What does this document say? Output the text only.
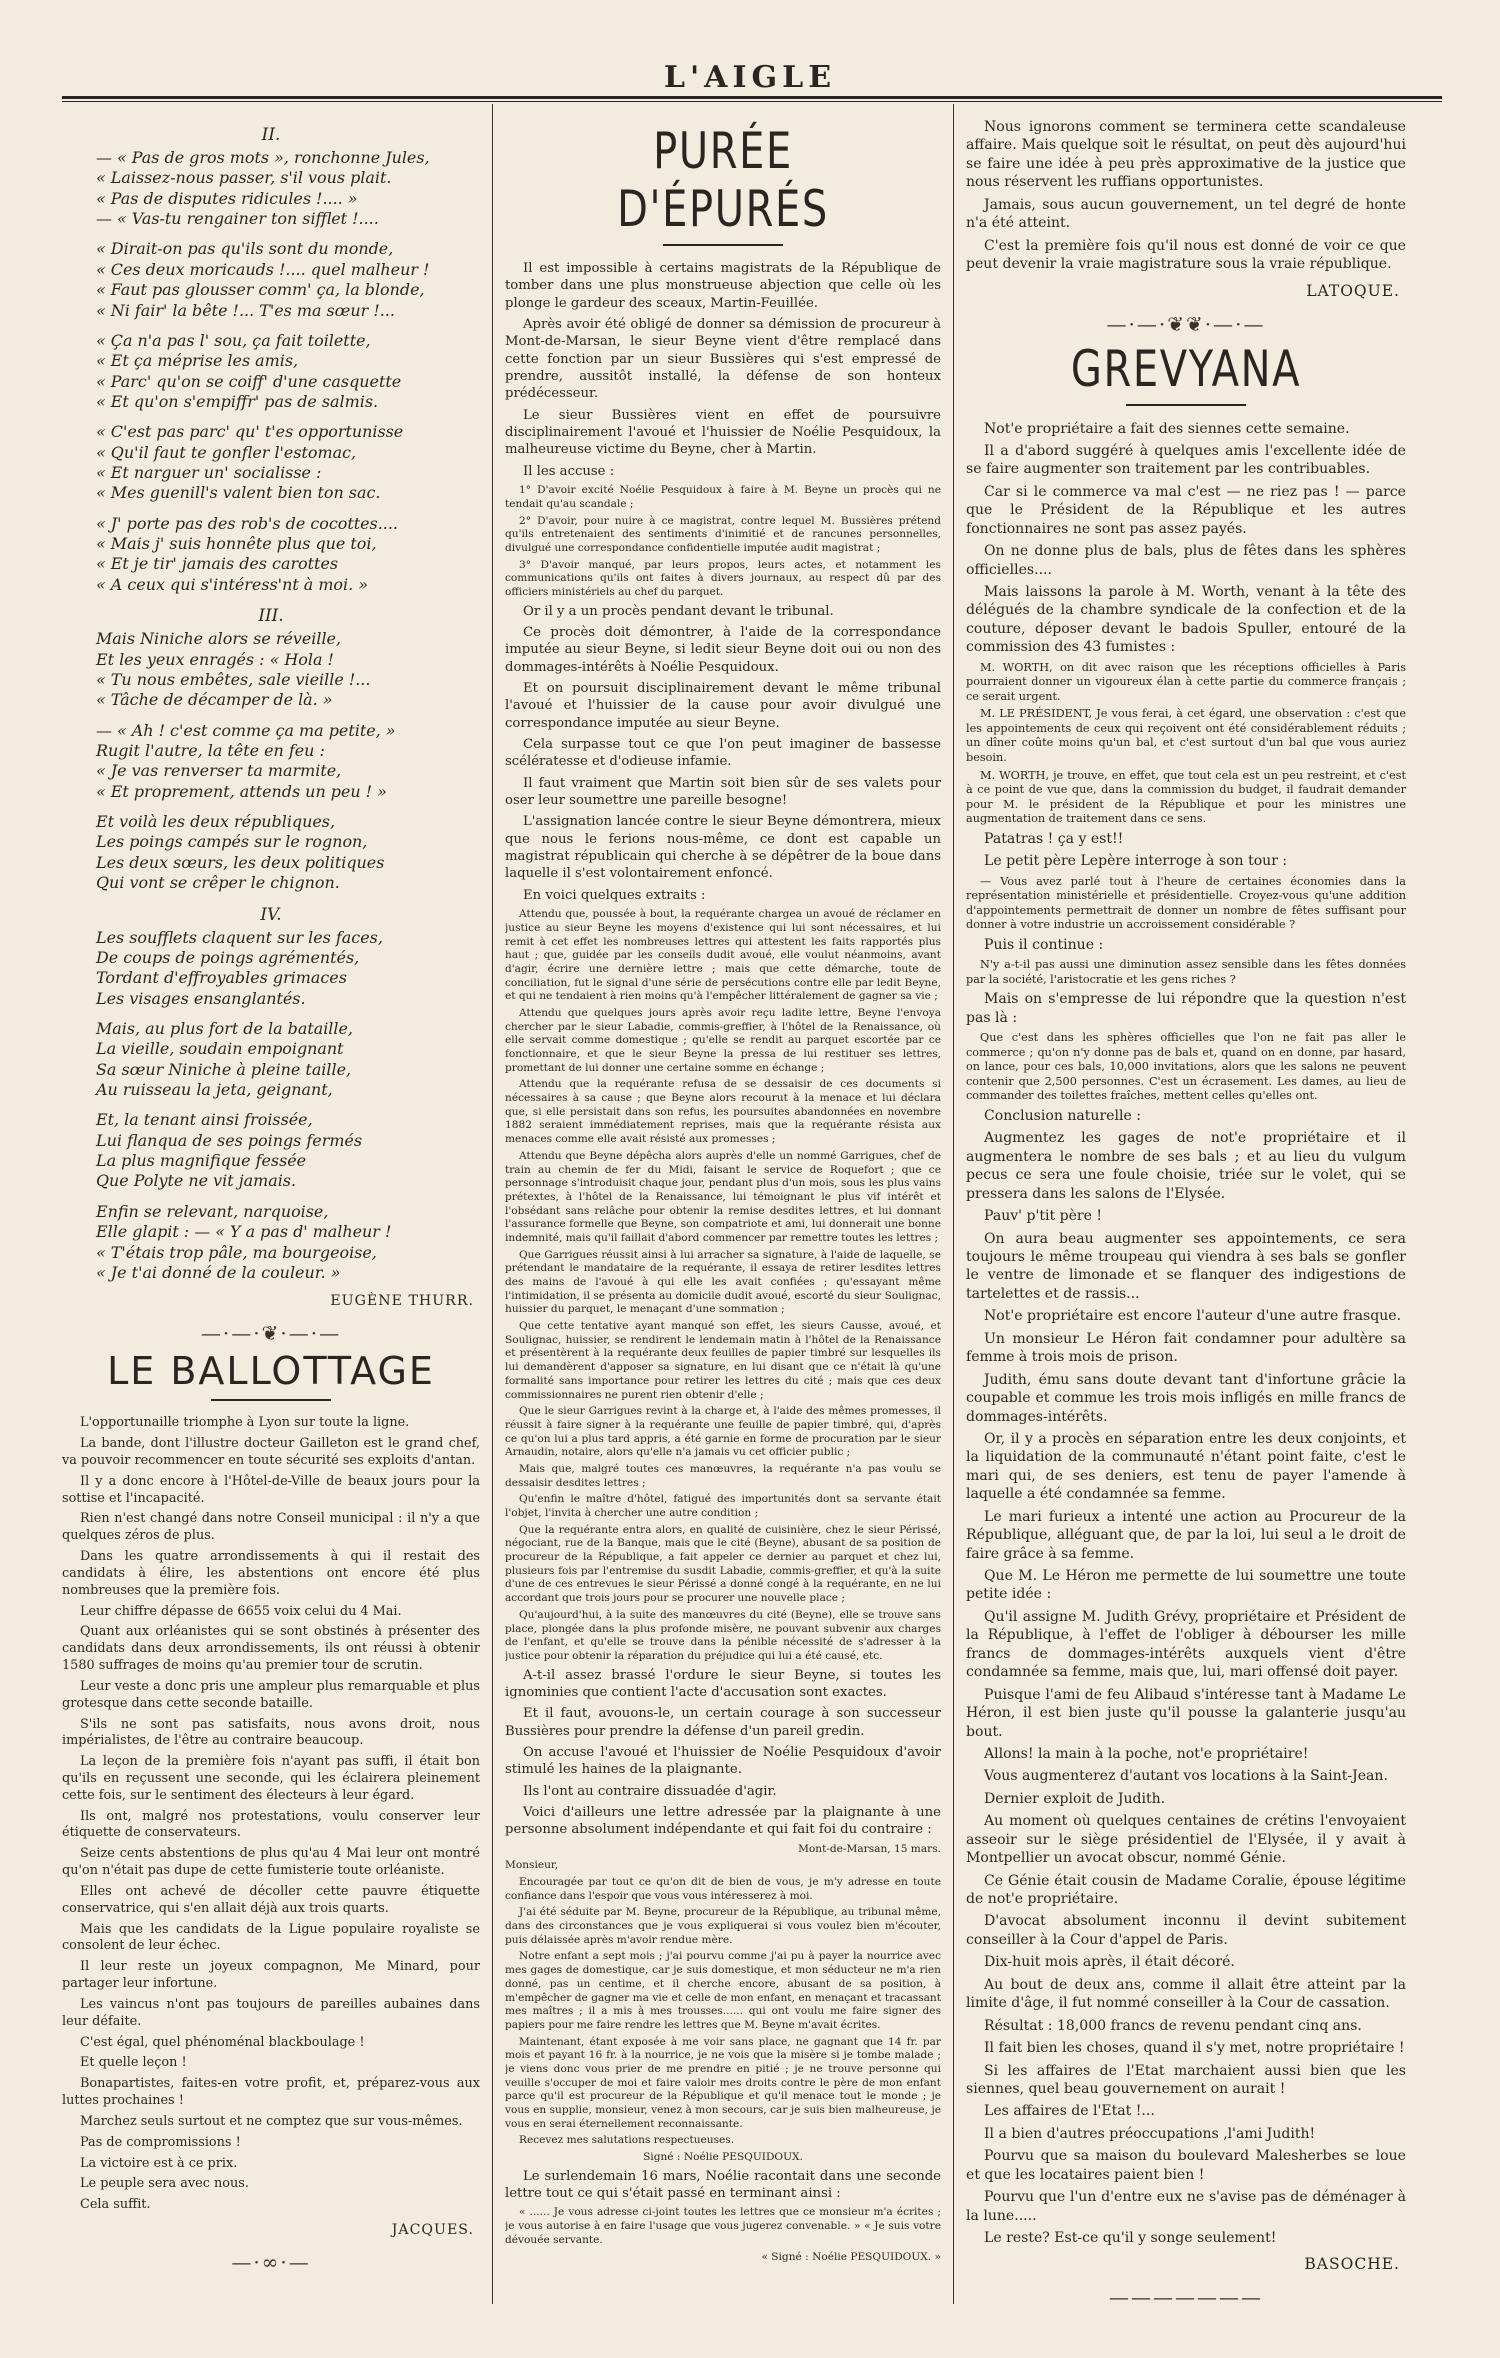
L'AIGLE
II.
— « Pas de gros mots », ronchonne Jules,
« Laissez-nous passer, s'il vous plait.
« Pas de disputes ridicules !.... »
— « Vas-tu rengainer ton sifflet !....
« Dirait-on pas qu'ils sont du monde,
« Ces deux moricauds !.... quel malheur !
« Faut pas glousser comm' ça, la blonde,
« Ni fair' la bête !... T'es ma sœur !...
« Ça n'a pas l' sou, ça fait toilette,
« Et ça méprise les amis,
« Parc' qu'on se coiff' d'une casquette
« Et qu'on s'empiffr' pas de salmis.
« C'est pas parc' qu' t'es opportunisse
« Qu'il faut te gonfler l'estomac,
« Et narguer un' socialisse :
« Mes guenill's valent bien ton sac.
« J' porte pas des rob's de cocottes....
« Mais j' suis honnête plus que toi,
« Et je tir' jamais des carottes
« A ceux qui s'intéress'nt à moi. »
III.
Mais Niniche alors se réveille,
Et les yeux enragés : « Hola !
« Tu nous embêtes, sale vieille !...
« Tâche de décamper de là. »
— « Ah ! c'est comme ça ma petite, »
Rugit l'autre, la tête en feu :
« Je vas renverser ta marmite,
« Et proprement, attends un peu ! »
Et voilà les deux républiques,
Les poings campés sur le rognon,
Les deux sœurs, les deux politiques
Qui vont se crêper le chignon.
IV.
Les soufflets claquent sur les faces,
De coups de poings agrémentés,
Tordant d'effroyables grimaces
Les visages ensanglantés.
Mais, au plus fort de la bataille,
La vieille, soudain empoignant
Sa sœur Niniche à pleine taille,
Au ruisseau la jeta, geignant,
Et, la tenant ainsi froissée,
Lui flanqua de ses poings fermés
La plus magnifique fessée
Que Polyte ne vit jamais.
Enfin se relevant, narquoise,
Elle glapit : — « Y a pas d' malheur !
« T'étais trop pâle, ma bourgeoise,
« Je t'ai donné de la couleur. »
EUGÈNE THURR.
—·—·❦·—·—
LE BALLOTTAGE
L'opportunaille triomphe à Lyon sur toute la ligne.
La bande, dont l'illustre docteur Gailleton est le grand chef, va pouvoir recommencer en toute sécurité ses exploits d'antan.
Il y a donc encore à l'Hôtel-de-Ville de beaux jours pour la sottise et l'incapacité.
Rien n'est changé dans notre Conseil municipal : il n'y a que quelques zéros de plus.
Dans les quatre arrondissements à qui il restait des candidats à élire, les abstentions ont encore été plus nombreuses que la première fois.
Leur chiffre dépasse de 6655 voix celui du 4 Mai.
Quant aux orléanistes qui se sont obstinés à présenter des candidats dans deux arrondissements, ils ont réussi à obtenir 1580 suffrages de moins qu'au premier tour de scrutin.
Leur veste a donc pris une ampleur plus remarquable et plus grotesque dans cette seconde bataille.
S'ils ne sont pas satisfaits, nous avons droit, nous impérialistes, de l'être au contraire beaucoup.
La leçon de la première fois n'ayant pas suffi, il était bon qu'ils en reçussent une seconde, qui les éclairera pleinement cette fois, sur le sentiment des électeurs à leur égard.
Ils ont, malgré nos protestations, voulu conserver leur étiquette de conservateurs.
Seize cents abstentions de plus qu'au 4 Mai leur ont montré qu'on n'était pas dupe de cette fumisterie toute orléaniste.
Elles ont achevé de décoller cette pauvre étiquette conservatrice, qui s'en allait déjà aux trois quarts.
Mais que les candidats de la Ligue populaire royaliste se consolent de leur échec.
Il leur reste un joyeux compagnon, Me Minard, pour partager leur infortune.
Les vaincus n'ont pas toujours de pareilles aubaines dans leur défaite.
C'est égal, quel phénoménal blackboulage !
Et quelle leçon !
Bonapartistes, faites-en votre profit, et, préparez-vous aux luttes prochaines !
Marchez seuls surtout et ne comptez que sur vous-mêmes.
Pas de compromissions !
La victoire est à ce prix.
Le peuple sera avec nous.
Cela suffit.
JACQUES.
—·∞·—
PURÉE D'ÉPURÉS
Il est impossible à certains magistrats de la République de tomber dans une plus monstrueuse abjection que celle où les plonge le gardeur des sceaux, Martin-Feuillée.
Après avoir été obligé de donner sa démission de procureur à Mont-de-Marsan, le sieur Beyne vient d'être remplacé dans cette fonction par un sieur Bussières qui s'est empressé de prendre, aussitôt installé, la défense de son honteux prédécesseur.
Le sieur Bussières vient en effet de poursuivre disciplinairement l'avoué et l'huissier de Noélie Pesquidoux, la malheureuse victime du Beyne, cher à Martin.
Il les accuse :
1° D'avoir excité Noélie Pesquidoux à faire à M. Beyne un procès qui ne tendait qu'au scandale ;
2° D'avoir, pour nuire à ce magistrat, contre lequel M. Bussières prétend qu'ils entretenaient des sentiments d'inimitié et de rancunes personnelles, divulgué une correspondance confidentielle imputée audit magistrat ;
3° D'avoir manqué, par leurs propos, leurs actes, et notamment les communications qu'ils ont faites à divers journaux, au respect dû par des officiers ministériels au chef du parquet.
Or il y a un procès pendant devant le tribunal.
Ce procès doit démontrer, à l'aide de la correspondance imputée au sieur Beyne, si ledit sieur Beyne doit oui ou non des dommages-intérêts à Noélie Pesquidoux.
Et on poursuit disciplinairement devant le même tribunal l'avoué et l'huissier de la cause pour avoir divulgué une correspondance imputée au sieur Beyne.
Cela surpasse tout ce que l'on peut imaginer de bassesse scélératesse et d'odieuse infamie.
Il faut vraiment que Martin soit bien sûr de ses valets pour oser leur soumettre une pareille besogne!
L'assignation lancée contre le sieur Beyne démontrera, mieux que nous le ferions nous-même, ce dont est capable un magistrat républicain qui cherche à se dépêtrer de la boue dans laquelle il s'est volontairement enfoncé.
En voici quelques extraits :
Attendu que, poussée à bout, la requérante chargea un avoué de réclamer en justice au sieur Beyne les moyens d'existence qui lui sont nécessaires, et lui remit à cet effet les nombreuses lettres qui attestent les faits rapportés plus haut ; que, guidée par les conseils dudit avoué, elle voulut néanmoins, avant d'agir, écrire une dernière lettre ; mais que cette démarche, toute de conciliation, fut le signal d'une série de persécutions contre elle par ledit Beyne, et qui ne tendaient à rien moins qu'à l'empêcher littéralement de gagner sa vie ;
Attendu que quelques jours après avoir reçu ladite lettre, Beyne l'envoya chercher par le sieur Labadie, commis-greffier, à l'hôtel de la Renaissance, où elle servait comme domestique ; qu'elle se rendit au parquet escortée par ce fonctionnaire, et que le sieur Beyne la pressa de lui restituer ses lettres, promettant de lui donner une certaine somme en échange ;
Attendu que la requérante refusa de se dessaisir de ces documents si nécessaires à sa cause ; que Beyne alors recourut à la menace et lui déclara que, si elle persistait dans son refus, les poursuites abandonnées en novembre 1882 seraient immédiatement reprises, mais que la requérante résista aux menaces comme elle avait résisté aux promesses ;
Attendu que Beyne dépêcha alors auprès d'elle un nommé Garrigues, chef de train au chemin de fer du Midi, faisant le service de Roquefort ; que ce personnage s'introduisit chaque jour, pendant plus d'un mois, sous les plus vains prétextes, à l'hôtel de la Renaissance, lui témoignant le plus vif intérêt et l'obsédant sans relâche pour obtenir la remise desdites lettres, et lui donnant l'assurance formelle que Beyne, son compatriote et ami, lui donnerait une bonne indemnité, mais qu'il faillait d'abord commencer par remettre toutes les lettres ;
Que Garrigues réussit ainsi à lui arracher sa signature, à l'aide de laquelle, se prétendant le mandataire de la requérante, il essaya de retirer lesdites lettres des mains de l'avoué à qui elle les avait confiées ; qu'essayant même l'intimidation, il se présenta au domicile dudit avoué, escorté du sieur Soulignac, huissier du parquet, le menaçant d'une sommation ;
Que cette tentative ayant manqué son effet, les sieurs Causse, avoué, et Soulignac, huissier, se rendirent le lendemain matin à l'hôtel de la Renaissance et présentèrent à la requérante deux feuilles de papier timbré sur lesquelles ils lui demandèrent d'apposer sa signature, en lui disant que ce n'était là qu'une formalité sans importance pour retirer les lettres du cité ; mais que ces deux commissionnaires ne purent rien obtenir d'elle ;
Que le sieur Garrigues revint à la charge et, à l'aide des mêmes promesses, il réussit à faire signer à la requérante une feuille de papier timbré, qui, d'après ce qu'on lui a plus tard appris, a été garnie en forme de procuration par le sieur Arnaudin, notaire, alors qu'elle n'a jamais vu cet officier public ;
Mais que, malgré toutes ces manœuvres, la requérante n'a pas voulu se dessaisir desdites lettres ;
Qu'enfin le maître d'hôtel, fatigué des importunités dont sa servante était l'objet, l'invita à chercher une autre condition ;
Que la requérante entra alors, en qualité de cuisinière, chez le sieur Périssé, négociant, rue de la Banque, mais que le cité (Beyne), abusant de sa position de procureur de la République, a fait appeler ce dernier au parquet et chez lui, plusieurs fois par l'entremise du susdit Labadie, commis-greffier, et qu'à la suite d'une de ces entrevues le sieur Périssé a donné congé à la requérante, en ne lui accordant que trois jours pour se procurer une nouvelle place ;
Qu'aujourd'hui, à la suite des manœuvres du cité (Beyne), elle se trouve sans place, plongée dans la plus profonde misère, ne pouvant subvenir aux charges de l'enfant, et qu'elle se trouve dans la pénible nécessité de s'adresser à la justice pour obtenir la réparation du préjudice qui lui a été causé, etc.
A-t-il assez brassé l'ordure le sieur Beyne, si toutes les ignominies que contient l'acte d'accusation sont exactes.
Et il faut, avouons-le, un certain courage à son successeur Bussières pour prendre la défense d'un pareil gredin.
On accuse l'avoué et l'huissier de Noélie Pesquidoux d'avoir stimulé les haines de la plaignante.
Ils l'ont au contraire dissuadée d'agir.
Voici d'ailleurs une lettre adressée par la plaignante à une personne absolument indépendante et qui fait foi du contraire :
Mont-de-Marsan, 15 mars.
Monsieur,
Encouragée par tout ce qu'on dit de bien de vous, je m'y adresse en toute confiance dans l'espoir que vous vous intéresserez à moi.
J'ai été séduite par M. Beyne, procureur de la République, au tribunal même, dans des circonstances que je vous expliquerai si vous voulez bien m'écouter, puis délaissée après m'avoir rendue mère.
Notre enfant a sept mois ; j'ai pourvu comme j'ai pu à payer la nourrice avec mes gages de domestique, car je suis domestique, et mon séducteur ne m'a rien donné, pas un centime, et il cherche encore, abusant de sa position, à m'empêcher de gagner ma vie et celle de mon enfant, en menaçant et tracassant mes maîtres ; il a mis à mes trousses...... qui ont voulu me faire signer des papiers pour me faire rendre les lettres que M. Beyne m'avait écrites.
Maintenant, étant exposée à me voir sans place, ne gagnant que 14 fr. par mois et payant 16 fr. à la nourrice, je ne vois que la misère si je tombe malade ; je viens donc vous prier de me prendre en pitié ; je ne trouve personne qui veuille s'occuper de moi et faire valoir mes droits contre le père de mon enfant parce qu'il est procureur de la République et qu'il menace tout le monde ; je vous en supplie, monsieur, venez à mon secours, car je suis bien malheureuse, je vous en serai éternellement reconnaissante.
Recevez mes salutations respectueuses.
Signé : Noélie PESQUIDOUX.
Le surlendemain 16 mars, Noélie racontait dans une seconde lettre tout ce qui s'était passé en terminant ainsi :
« ...... Je vous adresse ci-joint toutes les lettres que ce monsieur m'a écrites ; je vous autorise à en faire l'usage que vous jugerez convenable. » « Je suis votre dévouée servante.
« Signé : Noélie PESQUIDOUX. »
Nous ignorons comment se terminera cette scandaleuse affaire. Mais quelque soit le résultat, on peut dès aujourd'hui se faire une idée à peu près approximative de la justice que nous réservent les ruffians opportunistes.
Jamais, sous aucun gouvernement, un tel degré de honte n'a été atteint.
C'est la première fois qu'il nous est donné de voir ce que peut devenir la vraie magistrature sous la vraie république.
LATOQUE.
—·—·❦❦·—·—
GREVYANA
Not'e propriétaire a fait des siennes cette semaine.
Il a d'abord suggéré à quelques amis l'excellente idée de se faire augmenter son traitement par les contribuables.
Car si le commerce va mal c'est — ne riez pas ! — parce que le Président de la République et les autres fonctionnaires ne sont pas assez payés.
On ne donne plus de bals, plus de fêtes dans les sphères officielles....
Mais laissons la parole à M. Worth, venant à la tête des délégués de la chambre syndicale de la confection et de la couture, déposer devant le badois Spuller, entouré de la commission des 43 fumistes :
M. WORTH, on dit avec raison que les réceptions officielles à Paris pourraient donner un vigoureux élan à cette partie du commerce français ; ce serait urgent.
M. LE PRÉSIDENT, Je vous ferai, à cet égard, une observation : c'est que les appointements de ceux qui reçoivent ont été considérablement réduits ; un dîner coûte moins qu'un bal, et c'est surtout d'un bal que vous auriez besoin.
M. WORTH, je trouve, en effet, que tout cela est un peu restreint, et c'est à ce point de vue que, dans la commission du budget, il faudrait demander pour M. le président de la République et pour les ministres une augmentation de traitement dans ce sens.
Patatras ! ça y est!!
Le petit père Lepère interroge à son tour :
— Vous avez parlé tout à l'heure de certaines économies dans la représentation ministérielle et présidentielle. Croyez-vous qu'une addition d'appointements permettrait de donner un nombre de fêtes suffisant pour donner à votre industrie un accroissement considérable ?
Puis il continue :
N'y a-t-il pas aussi une diminution assez sensible dans les fêtes données par la société, l'aristocratie et les gens riches ?
Mais on s'empresse de lui répondre que la question n'est pas là :
Que c'est dans les sphères officielles que l'on ne fait pas aller le commerce ; qu'on n'y donne pas de bals et, quand on en donne, par hasard, on lance, pour ces bals, 10,000 invitations, alors que les salons ne peuvent contenir que 2,500 personnes. C'est un écrasement. Les dames, au lieu de commander des toilettes fraîches, mettent celles qu'elles ont.
Conclusion naturelle :
Augmentez les gages de not'e propriétaire et il augmentera le nombre de ses bals ; et au lieu du vulgum pecus ce sera une foule choisie, triée sur le volet, qui se pressera dans les salons de l'Elysée.
Pauv' p'tit père !
On aura beau augmenter ses appointements, ce sera toujours le même troupeau qui viendra à ses bals se gonfler le ventre de limonade et se flanquer des indigestions de tartelettes et de rassis...
Not'e propriétaire est encore l'auteur d'une autre frasque.
Un monsieur Le Héron fait condamner pour adultère sa femme à trois mois de prison.
Judith, ému sans doute devant tant d'infortune grâcie la coupable et commue les trois mois infligés en mille francs de dommages-intérêts.
Or, il y a procès en séparation entre les deux conjoints, et la liquidation de la communauté n'étant point faite, c'est le mari qui, de ses deniers, est tenu de payer l'amende à laquelle a été condamnée sa femme.
Le mari furieux a intenté une action au Procureur de la République, alléguant que, de par la loi, lui seul a le droit de faire grâce à sa femme.
Que M. Le Héron me permette de lui soumettre une toute petite idée :
Qu'il assigne M. Judith Grévy, propriétaire et Président de la République, à l'effet de l'obliger à débourser les mille francs de dommages-intérêts auxquels vient d'être condamnée sa femme, mais que, lui, mari offensé doit payer.
Puisque l'ami de feu Alibaud s'intéresse tant à Madame Le Héron, il est bien juste qu'il pousse la galanterie jusqu'au bout.
Allons! la main à la poche, not'e propriétaire!
Vous augmenterez d'autant vos locations à la Saint-Jean.
Dernier exploit de Judith.
Au moment où quelques centaines de crétins l'envoyaient asseoir sur le siège présidentiel de l'Elysée, il y avait à Montpellier un avocat obscur, nommé Génie.
Ce Génie était cousin de Madame Coralie, épouse légitime de not'e propriétaire.
D'avocat absolument inconnu il devint subitement conseiller à la Cour d'appel de Paris.
Dix-huit mois après, il était décoré.
Au bout de deux ans, comme il allait être atteint par la limite d'âge, il fut nommé conseiller à la Cour de cassation.
Résultat : 18,000 francs de revenu pendant cinq ans.
Il fait bien les choses, quand il s'y met, notre propriétaire !
Si les affaires de l'Etat marchaient aussi bien que les siennes, quel beau gouvernement on aurait !
Les affaires de l'Etat !...
Il a bien d'autres préoccupations ,l'ami Judith!
Pourvu que sa maison du boulevard Malesherbes se loue et que les locataires paient bien !
Pourvu que l'un d'entre eux ne s'avise pas de déménager à la lune.....
Le reste? Est-ce qu'il y songe seulement!
BASOCHE.
———————
